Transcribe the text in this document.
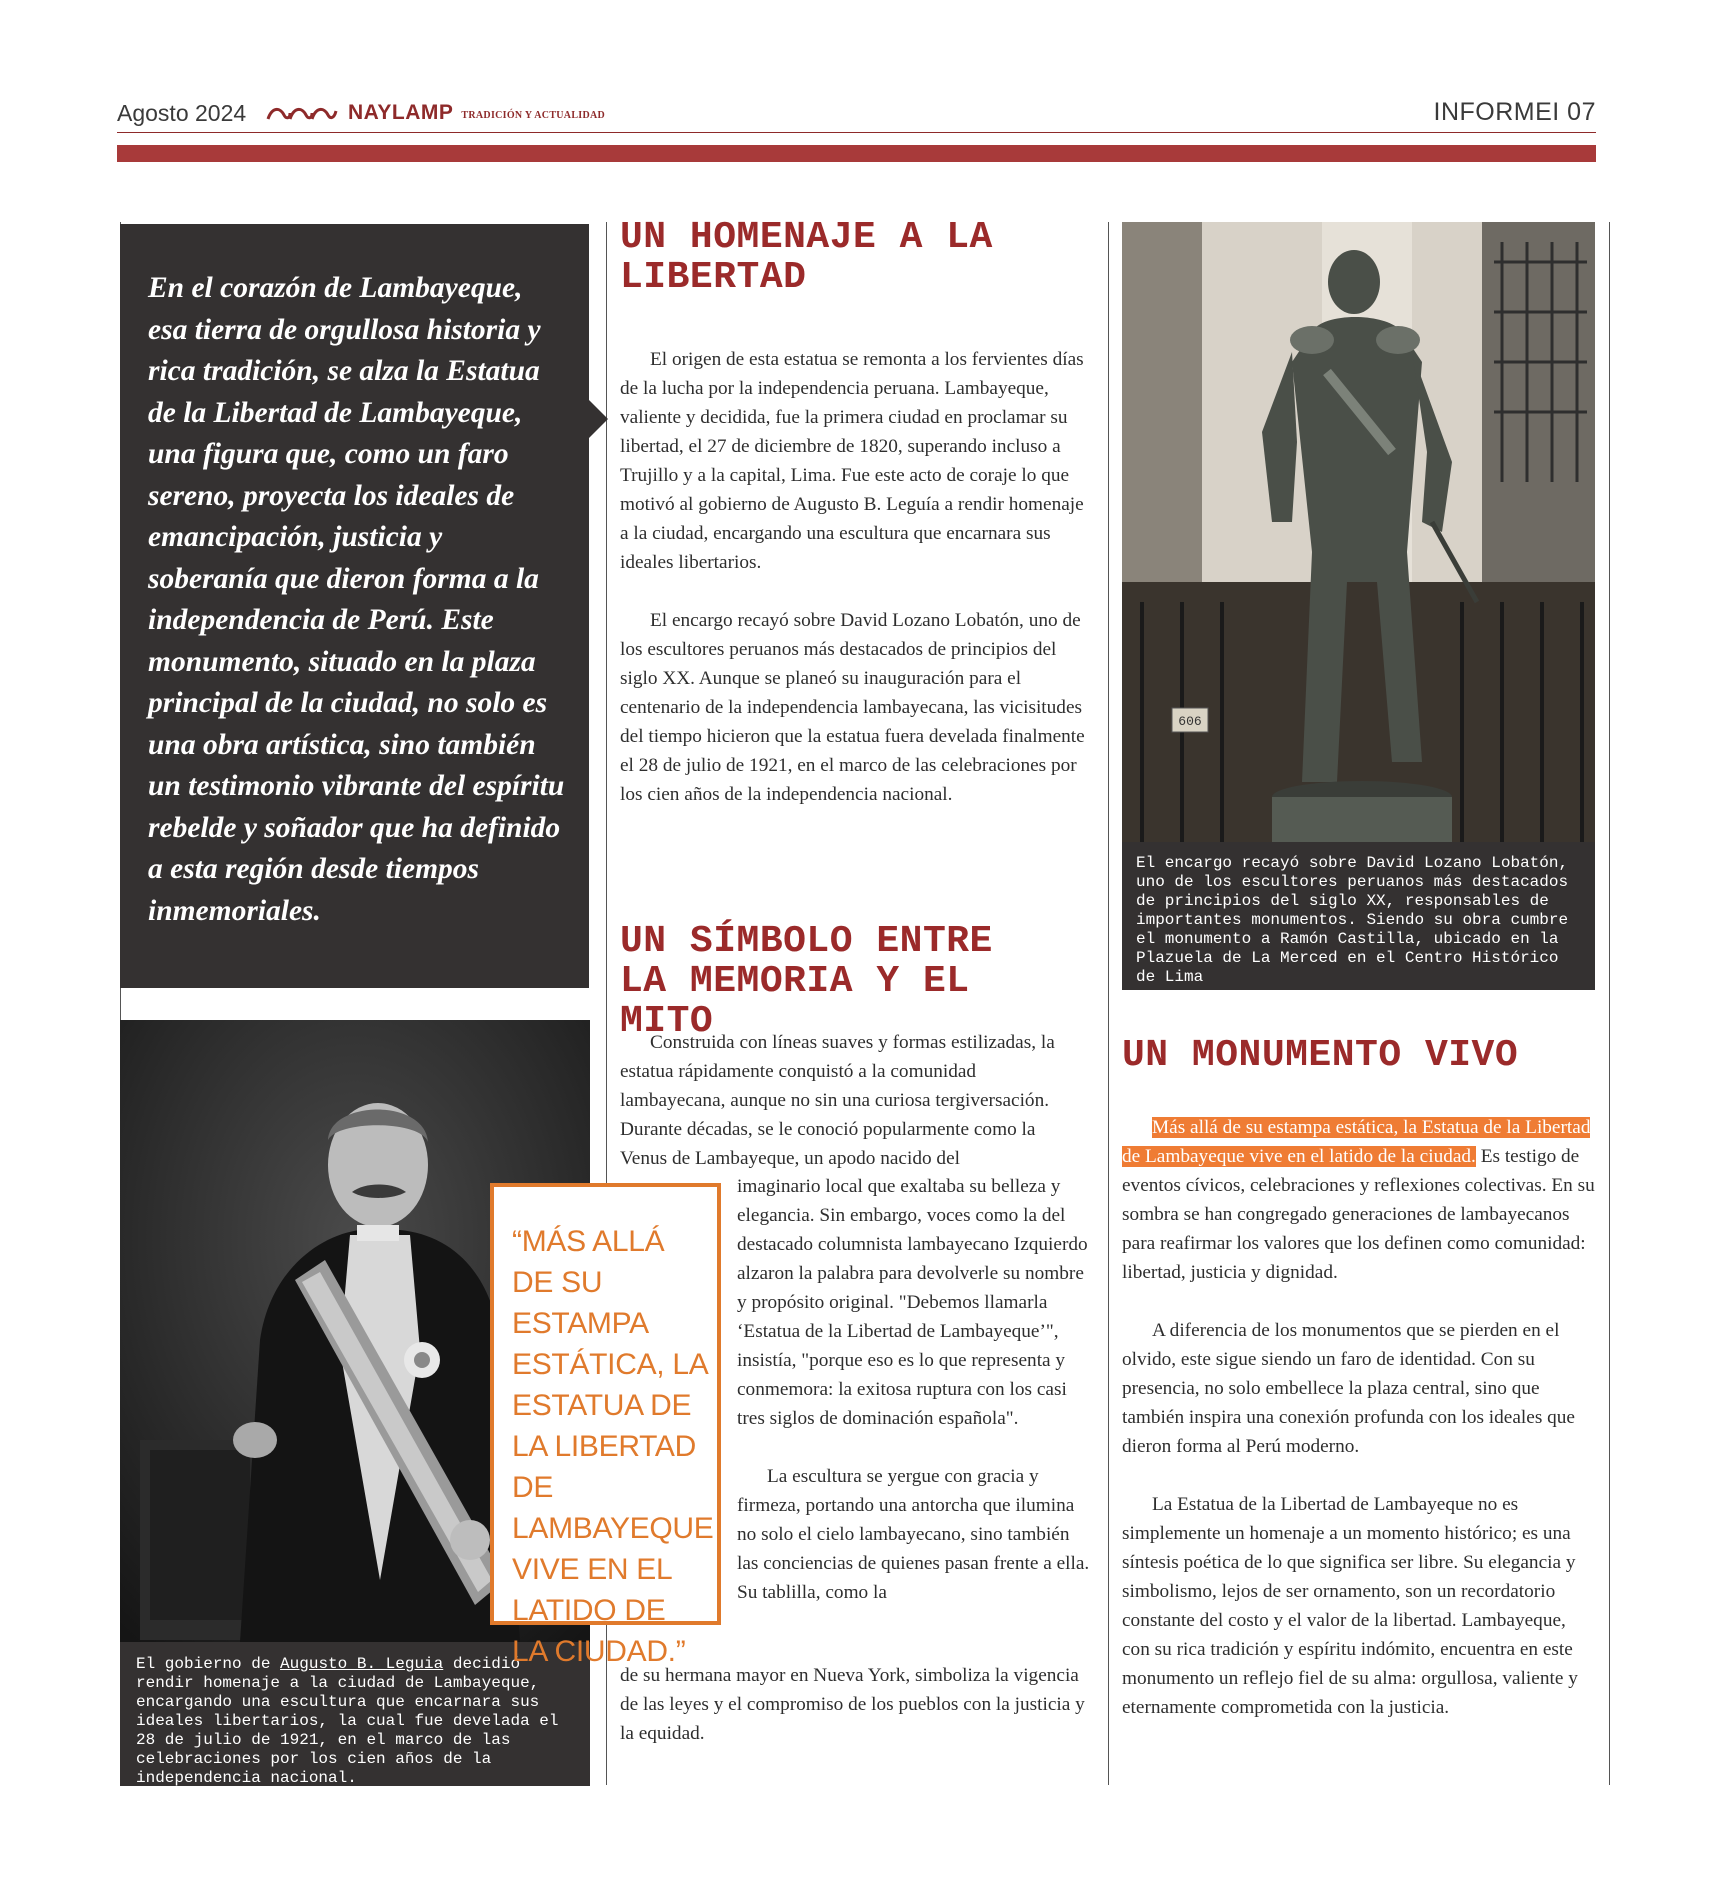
Agosto 2024	NAYLAMP TRADICIÓN Y ACTUALIDAD	INFORMEI 07
En el corazón de Lambayeque, esa tierra de orgullosa historia y rica tradición, se alza la Estatua de la Libertad de Lambayeque, una figura que, como un faro sereno, proyecta los ideales de emancipación, justicia y soberanía que dieron forma a la independencia de Perú. Este monumento, situado en la plaza principal de la ciudad, no solo es una obra artística, sino también un testimonio vibrante del espíritu rebelde y soñador que ha definido a esta región desde tiempos inmemoriales.
El gobierno de Augusto B. Leguia decidió rendir homenaje a la ciudad de Lambayeque, encargando una escultura que encarnara sus ideales libertarios, la cual fue develada el 28 de julio de 1921, en el marco de las celebraciones por los cien años de la independencia nacional.
“MÁS ALLÁ DE SU ESTAMPA ESTÁTICA, LA ESTATUA DE LA LIBERTAD DE LAMBAYEQUE VIVE EN EL LATIDO DE LA CIUDAD.”
UN HOMENAJE A LA LIBERTAD

El origen de esta estatua se remonta a los fervientes días de la lucha por la independencia peruana. Lambayeque, valiente y decidida, fue la primera ciudad en proclamar su libertad, el 27 de diciembre de 1820, superando incluso a Trujillo y a la capital, Lima. Fue este acto de coraje lo que motivó al gobierno de Augusto B. Leguía a rendir homenaje a la ciudad, encargando una escultura que encarnara sus ideales libertarios.

El encargo recayó sobre David Lozano Lobatón, uno de los escultores peruanos más destacados de principios del siglo XX. Aunque se planeó su inauguración para el centenario de la independencia lambayecana, las vicisitudes del tiempo hicieron que la estatua fuera develada finalmente el 28 de julio de 1921, en el marco de las celebraciones por los cien años de la independencia nacional.

UN SÍMBOLO ENTRE LA MEMORIA Y EL MITO

Construida con líneas suaves y formas estilizadas, la estatua rápidamente conquistó a la comunidad lambayecana, aunque no sin una curiosa tergiversación. Durante décadas, se le conoció popularmente como la Venus de Lambayeque, un apodo nacido del

imaginario local que exaltaba su belleza y elegancia. Sin embargo, voces como la del destacado columnista lambayecano Izquierdo alzaron la palabra para devolverle su nombre y propósito original. "Debemos llamarla ‘Estatua de la Libertad de Lambayeque’", insistía, "porque eso es lo que representa y conmemora: la exitosa ruptura con los casi tres siglos de dominación española".

La escultura se yergue con gracia y firmeza, portando una antorcha que ilumina no solo el cielo lambayecano, sino también las conciencias de quienes pasan frente a ella. Su tablilla, como la

de su hermana mayor en Nueva York, simboliza la vigencia de las leyes y el compromiso de los pueblos con la justicia y la equidad.

606
El encargo recayó sobre David Lozano Lobatón, uno de los escultores peruanos más destacados de principios del siglo XX, responsables de importantes monumentos. Siendo su obra cumbre el monumento a Ramón Castilla, ubicado en la Plazuela de La Merced en el Centro Histórico de Lima
UN MONUMENTO VIVO

Más allá de su estampa estática, la Estatua de la Libertad de Lambayeque vive en el latido de la ciudad. Es testigo de eventos cívicos, celebraciones y reflexiones colectivas. En su sombra se han congregado generaciones de lambayecanos para reafirmar los valores que los definen como comunidad: libertad, justicia y dignidad.

A diferencia de los monumentos que se pierden en el olvido, este sigue siendo un faro de identidad. Con su presencia, no solo embellece la plaza central, sino que también inspira una conexión profunda con los ideales que dieron forma al Perú moderno.

La Estatua de la Libertad de Lambayeque no es simplemente un homenaje a un momento histórico; es una síntesis poética de lo que significa ser libre. Su elegancia y simbolismo, lejos de ser ornamento, son un recordatorio constante del costo y el valor de la libertad. Lambayeque, con su rica tradición y espíritu indómito, encuentra en este monumento un reflejo fiel de su alma: orgullosa, valiente y eternamente comprometida con la justicia.
